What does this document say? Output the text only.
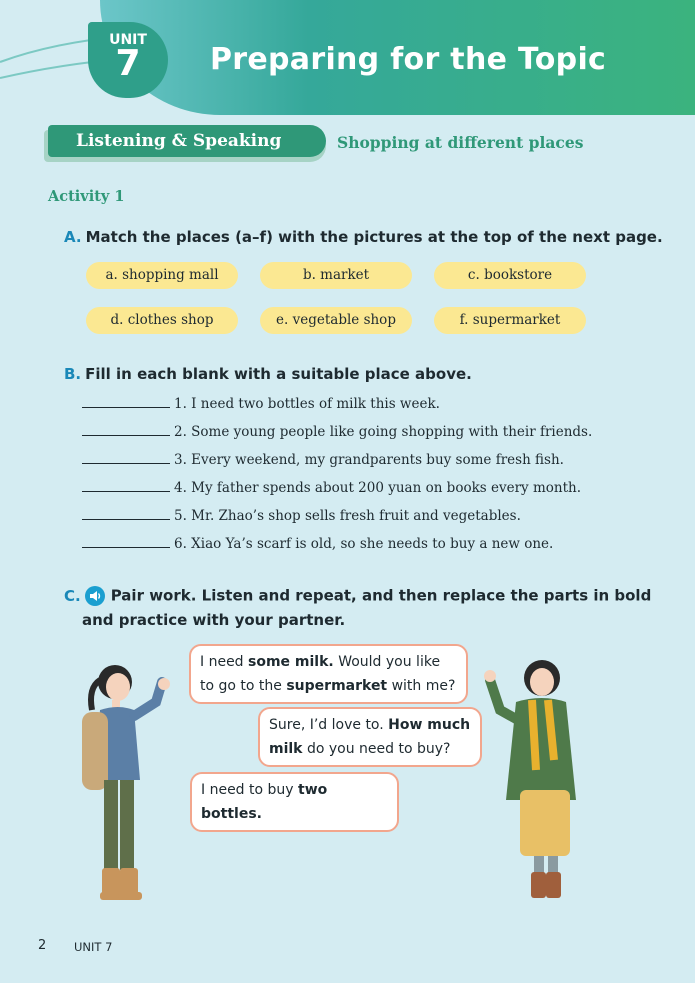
UNIT
7	Preparing for the Topic
Listening & Speaking	Shopping at different places
Activity 1
A. Match the places (a–f) with the pictures at the top of the next page.
a. shopping mall	b. market	c. bookstore
d. clothes shop	e. vegetable shop	f. supermarket
B. Fill in each blank with a suitable place above.
1. I need two bottles of milk this week.
2. Some young people like going shopping with their friends.
3. Every weekend, my grandparents buy some fresh fish.
4. My father spends about 200 yuan on books every month.
5. Mr. Zhao’s shop sells fresh fruit and vegetables.
6. Xiao Ya’s scarf is old, so she needs to buy a new one.
C. Pair work. Listen and repeat, and then replace the parts in bold
and practice with your partner.
I need some milk. Would you like to go to the supermarket with me?
Sure, I’d love to. How much milk do you need to buy?
I need to buy two bottles.
2 UNIT 7
